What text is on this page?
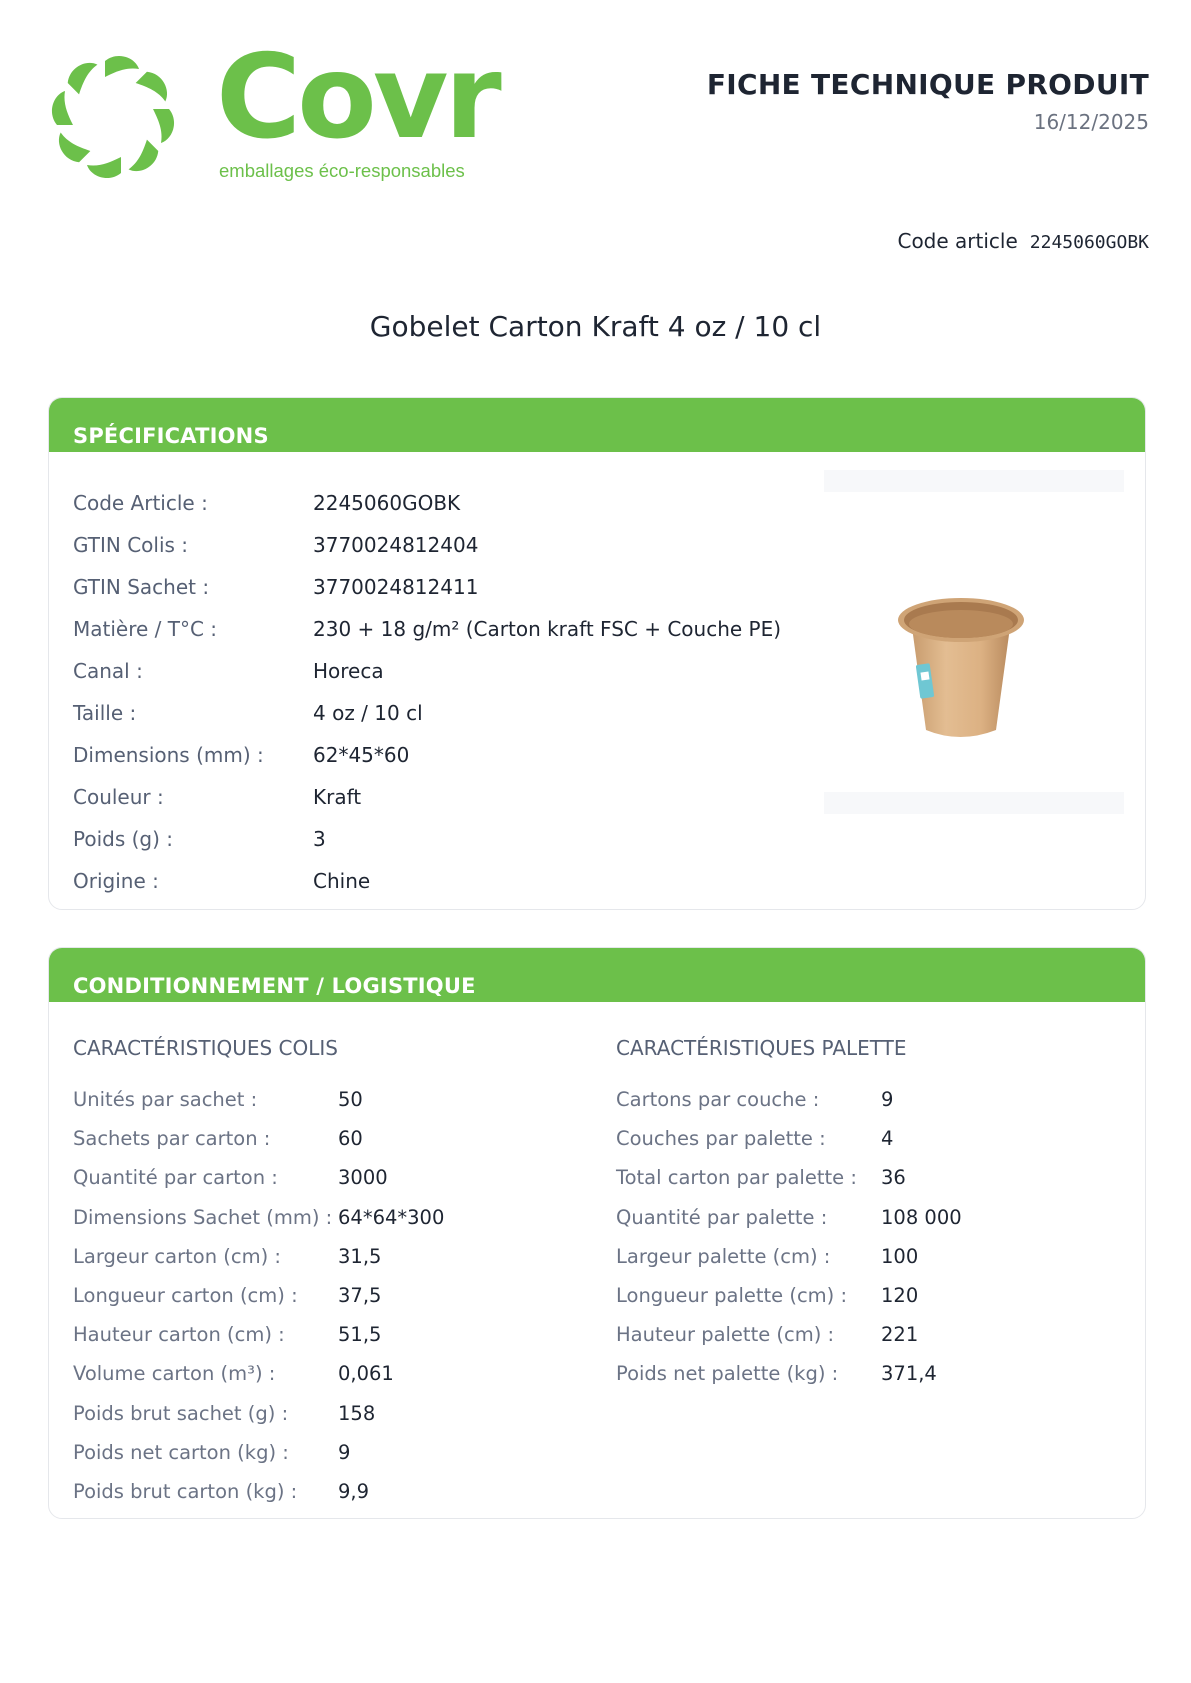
Covr
emballages éco-responsables
FICHE TECHNIQUE PRODUIT
16/12/2025
Code article 2245060GOBK
Gobelet Carton Kraft 4 oz / 10 cl
SPÉCIFICATIONS
Code Article :	2245060GOBK
GTIN Colis :	3770024812404
GTIN Sachet :	3770024812411
Matière / T°C :	230 + 18 g/m² (Carton kraft FSC + Couche PE)
Canal :	Horeca
Taille :	4 oz / 10 cl
Dimensions (mm) :	62*45*60
Couleur :	Kraft
Poids (g) :	3
Origine :	Chine
CONDITIONNEMENT / LOGISTIQUE
CARACTÉRISTIQUES COLIS
Unités par sachet :	50
Sachets par carton :	60
Quantité par carton :	3000
Dimensions Sachet (mm) : 64*64*300
Largeur carton (cm) :	31,5
Longueur carton (cm) :	37,5
Hauteur carton (cm) :	51,5
Volume carton (m³) :	0,061
Poids brut sachet (g) :	158
Poids net carton (kg) :	9
Poids brut carton (kg) :	9,9
CARACTÉRISTIQUES PALETTE
Cartons par couche :	9
Couches par palette :	4
Total carton par palette :	36
Quantité par palette :	108 000
Largeur palette (cm) :	100
Longueur palette (cm) :	120
Hauteur palette (cm) :	221
Poids net palette (kg) :	371,4
